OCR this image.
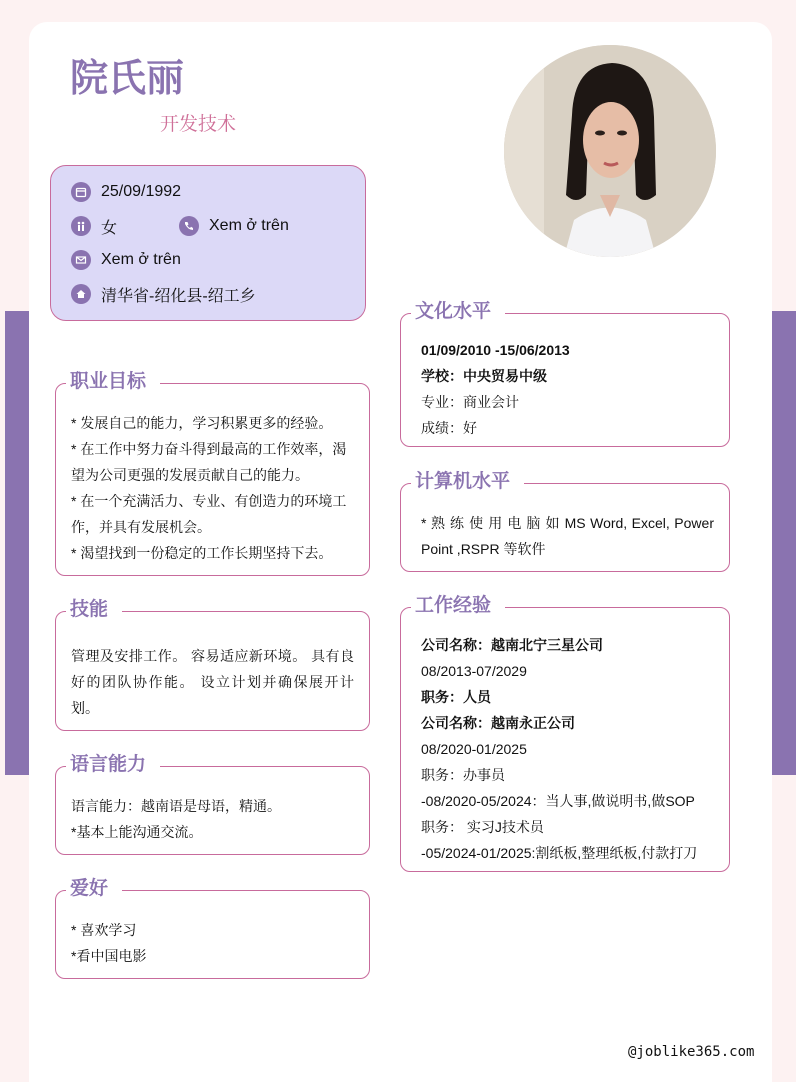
院氏丽
开发技术
25/09/1992
女	Xem ở trên
Xem ở trên
清华省-绍化县-绍工乡
职业目标
* 发展自己的能力，学习积累更多的经验。
* 在工作中努力奋斗得到最高的工作效率，渴望为公司更强的发展贡献自己的能力。
* 在一个充满活力、专业、有创造力的环境工作，并具有发展机会。
* 渴望找到一份稳定的工作长期坚持下去。
技能
管理及安排工作。 容易适应新环境。 具有良好的团队协作能。 设立计划并确保展开计划。
语言能力
语言能力：越南语是母语，精通。
*基本上能沟通交流。
爱好
* 喜欢学习
*看中国电影
文化水平
01/09/2010 -15/06/2013
学校：中央贸易中级
专业：商业会计
成绩：好
计算机水平
* 熟 练 使 用 电 脑 如 MS Word, Excel, Power Point ,RSPR 等软件
工作经验
公司名称：越南北宁三星公司
08/2013-07/2029
职务：人员
公司名称：越南永正公司
08/2020-01/2025
职务：办事员
-08/2020-05/2024：当人事,做说明书,做SOP
职务： 实习J技术员
-05/2024-01/2025:割纸板,整理纸板,付款打刀
@joblike365.com
